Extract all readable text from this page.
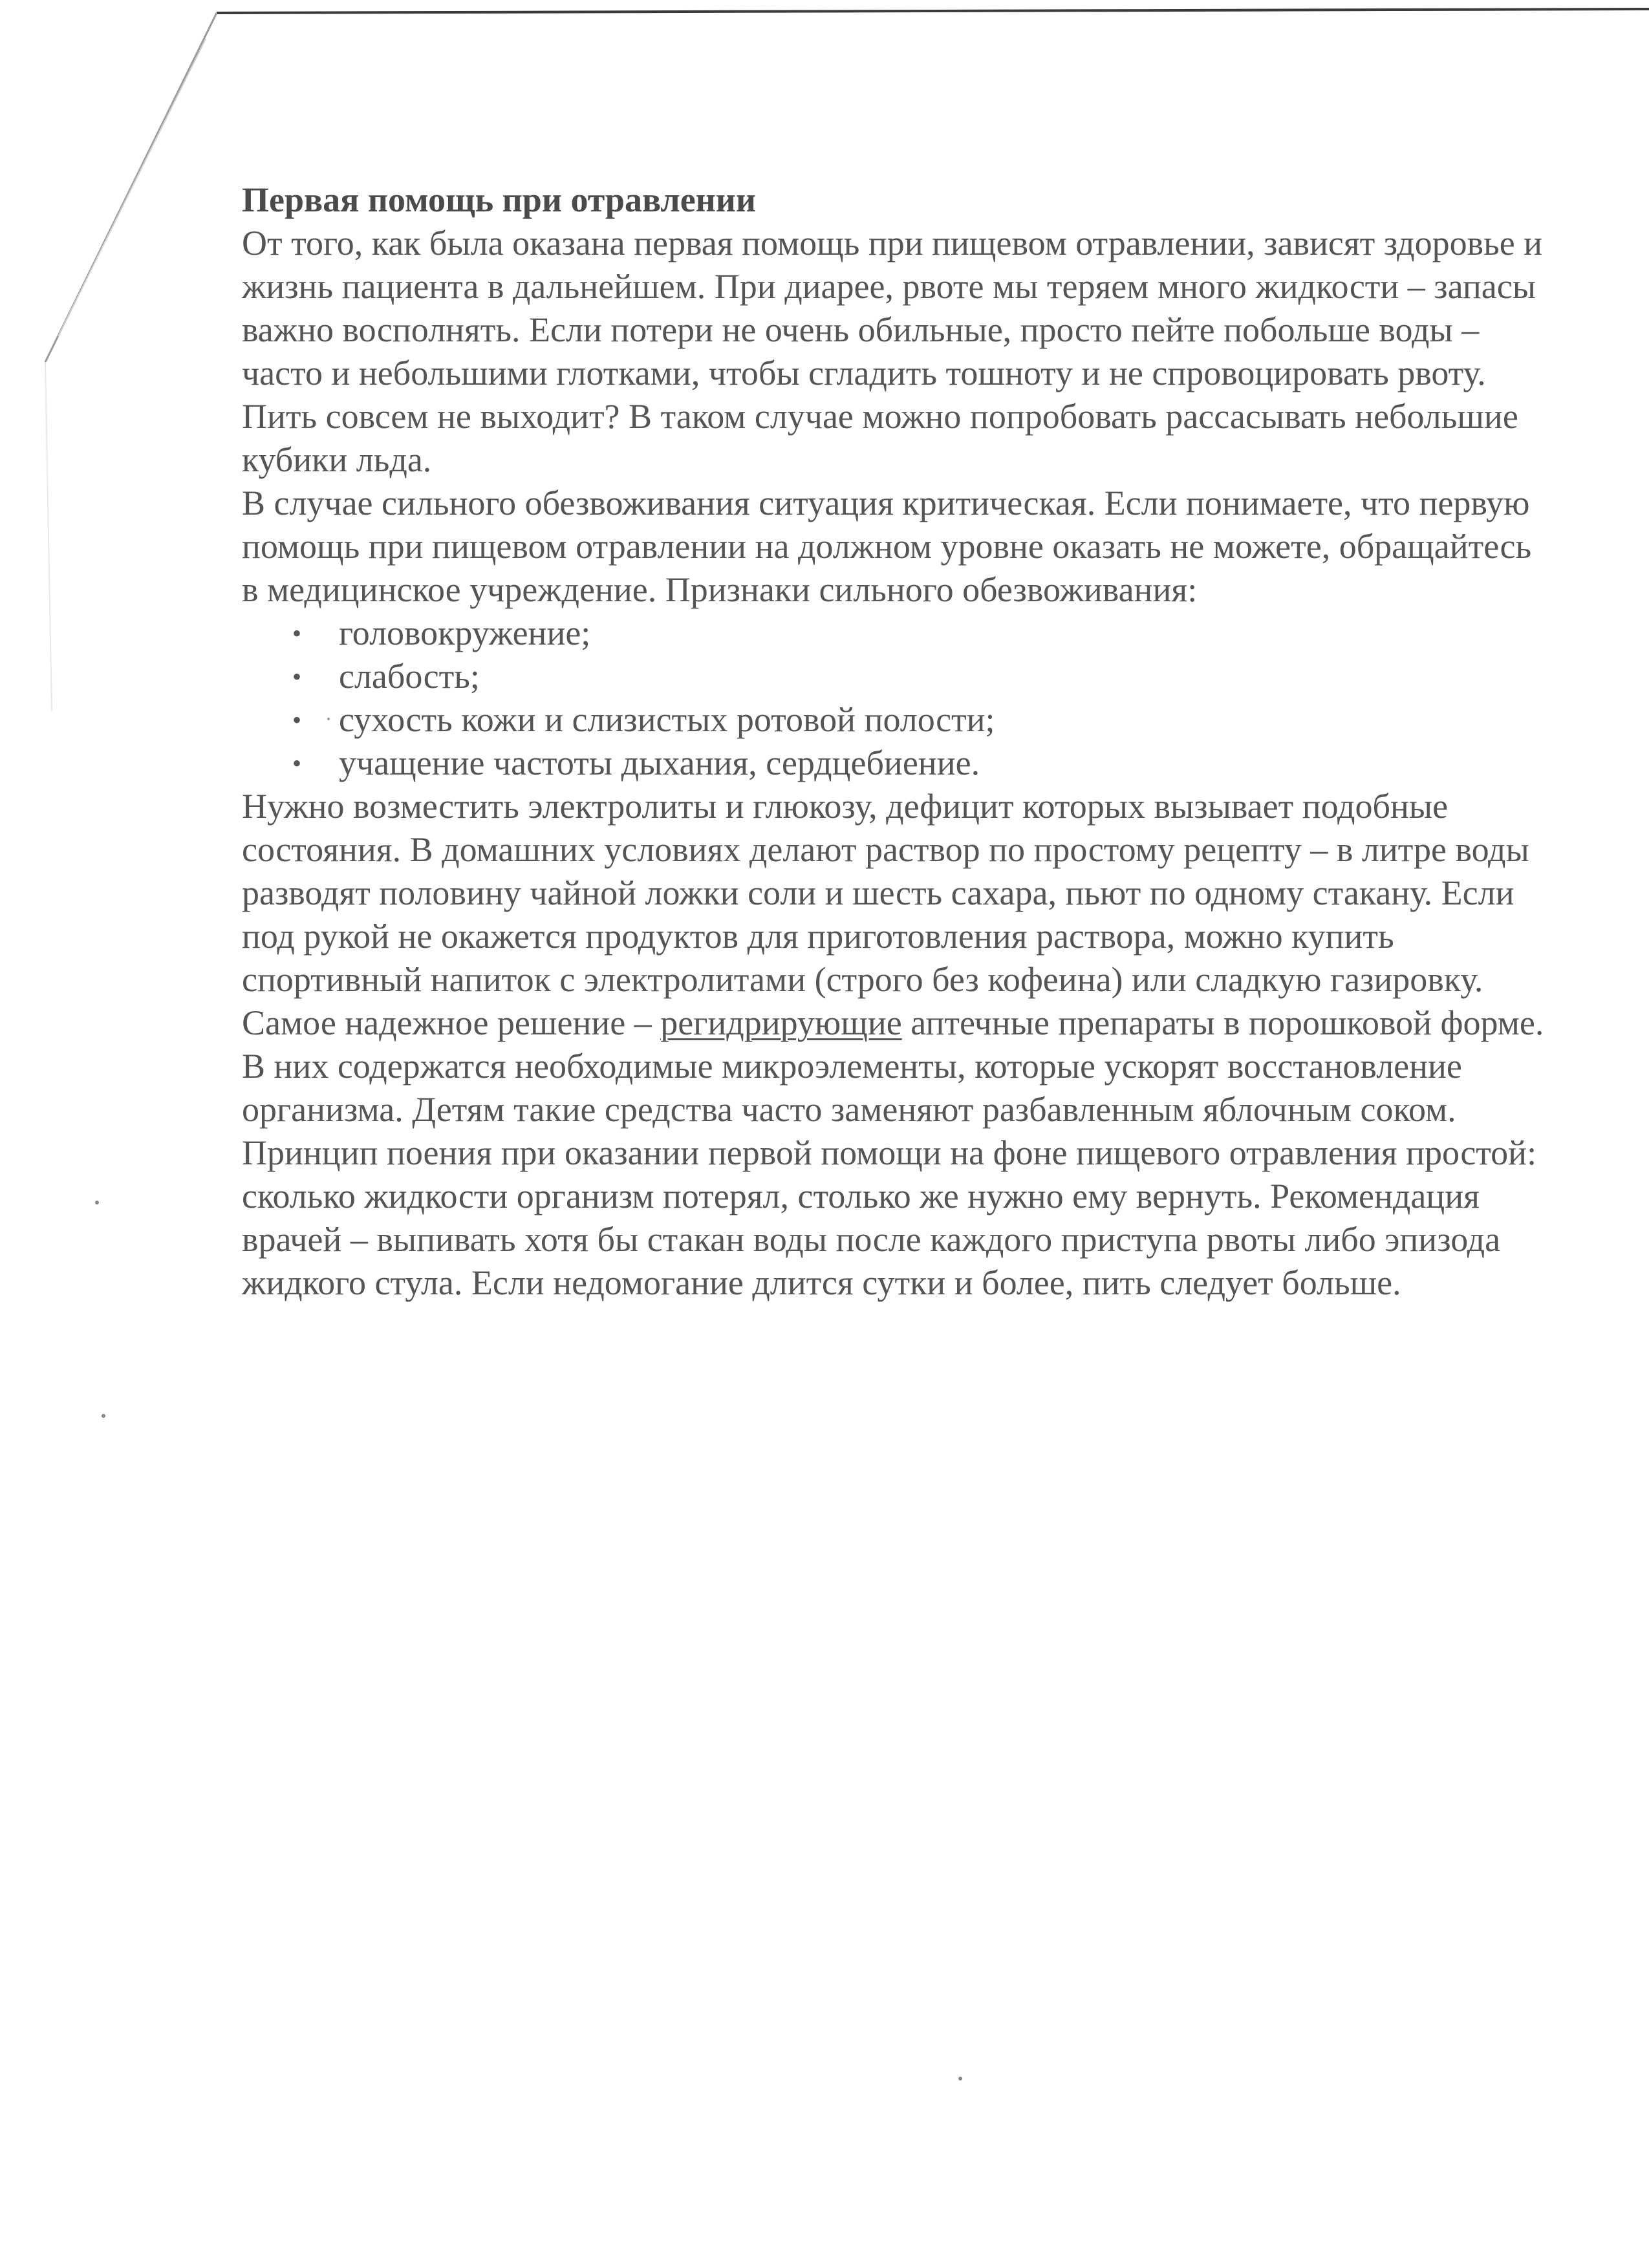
Первая помощь при отравлении

От того, как была оказана первая помощь при пищевом отравлении, зависят здоровье и жизнь пациента в дальнейшем. При диарее, рвоте мы теряем много жидкости – запасы важно восполнять. Если потери не очень обильные, просто пейте побольше воды – часто и небольшими глотками, чтобы сгладить тошноту и не спровоцировать рвоту. Пить совсем не выходит? В таком случае можно попробовать рассасывать небольшие кубики льда.

В случае сильного обезвоживания ситуация критическая. Если понимаете, что первую помощь при пищевом отравлении на должном уровне оказать не можете, обращайтесь в медицинское учреждение. Признаки сильного обезвоживания:

• головокружение;
• слабость;
• сухость кожи и слизистых ротовой полости;
• учащение частоты дыхания, сердцебиение.

Нужно возместить электролиты и глюкозу, дефицит которых вызывает подобные состояния. В домашних условиях делают раствор по простому рецепту – в литре воды разводят половину чайной ложки соли и шесть сахара, пьют по одному стакану. Если под рукой не окажется продуктов для приготовления раствора, можно купить спортивный напиток с электролитами (строго без кофеина) или сладкую газировку.

Самое надежное решение – регидрирующие аптечные препараты в порошковой форме. В них содержатся необходимые микроэлементы, которые ускорят восстановление организма. Детям такие средства часто заменяют разбавленным яблочным соком.

Принцип поения при оказании первой помощи на фоне пищевого отравления простой: сколько жидкости организм потерял, столько же нужно ему вернуть. Рекомендация врачей – выпивать хотя бы стакан воды после каждого приступа рвоты либо эпизода жидкого стула. Если недомогание длится сутки и более, пить следует больше.
